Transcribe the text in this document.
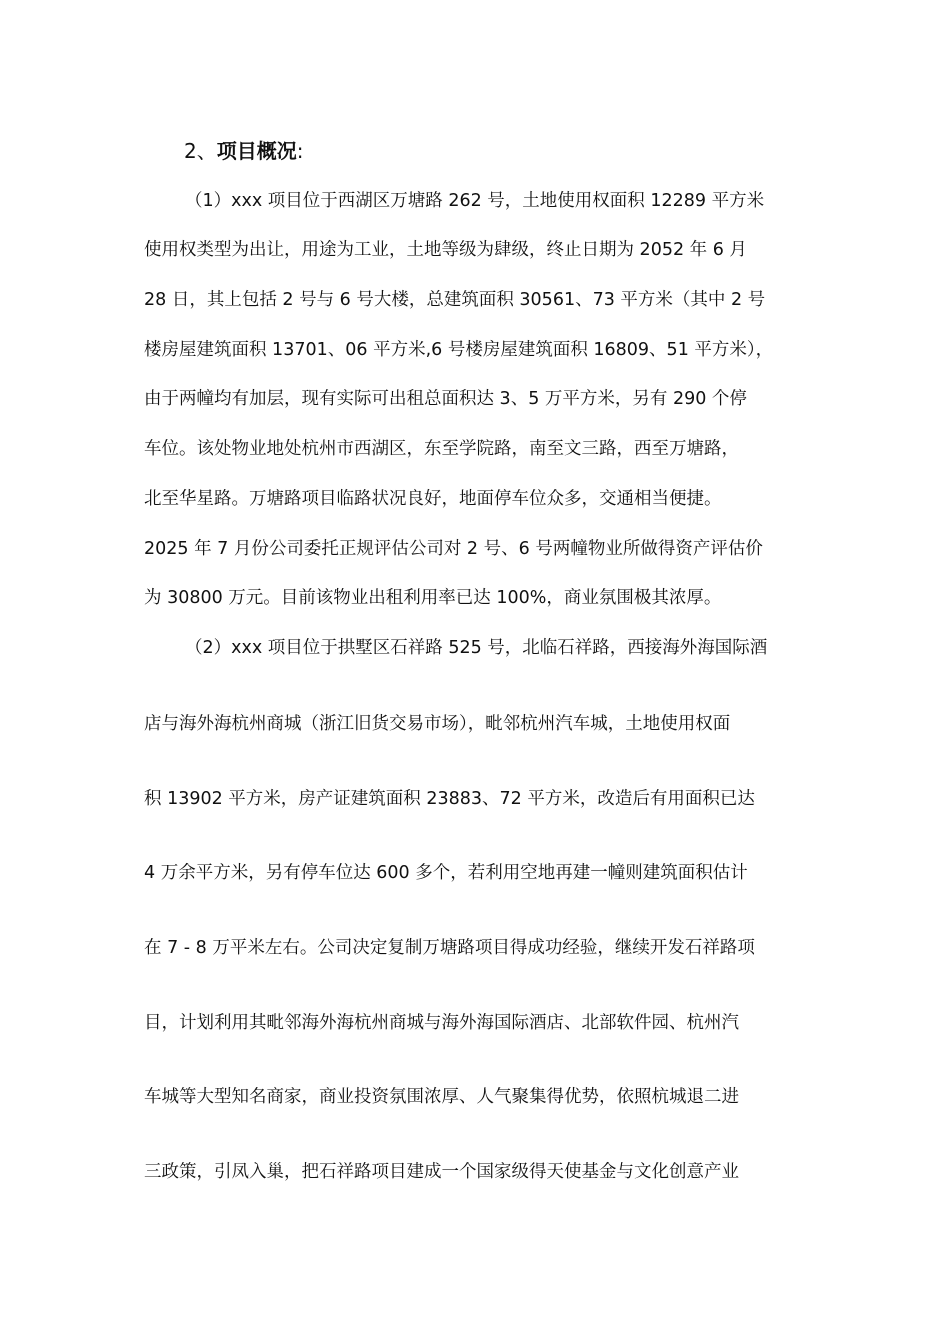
2、项目概况:
（1）xxx 项目位于西湖区万塘路 262 号，土地使用权面积 12289 平方米
使用权类型为出让，用途为工业，土地等级为肆级，终止日期为 2052 年 6 月
28 日，其上包括 2 号与 6 号大楼，总建筑面积 30561、73 平方米（其中 2 号
楼房屋建筑面积 13701、06 平方米,6 号楼房屋建筑面积 16809、51 平方米），
由于两幢均有加层，现有实际可出租总面积达 3、5 万平方米，另有 290 个停
车位。该处物业地处杭州市西湖区，东至学院路，南至文三路，西至万塘路，
北至华星路。万塘路项目临路状况良好，地面停车位众多，交通相当便捷。
2025 年 7 月份公司委托正规评估公司对 2 号、6 号两幢物业所做得资产评估价
为 30800 万元。目前该物业出租利用率已达 100%，商业氛围极其浓厚。
（2）xxx 项目位于拱墅区石祥路 525 号，北临石祥路，西接海外海国际酒
店与海外海杭州商城（浙江旧货交易市场），毗邻杭州汽车城，土地使用权面
积 13902 平方米，房产证建筑面积 23883、72 平方米，改造后有用面积已达
4 万余平方米，另有停车位达 600 多个，若利用空地再建一幢则建筑面积估计
在 7 - 8 万平米左右。公司决定复制万塘路项目得成功经验，继续开发石祥路项
目，计划利用其毗邻海外海杭州商城与海外海国际酒店、北部软件园、杭州汽
车城等大型知名商家，商业投资氛围浓厚、人气聚集得优势，依照杭城退二进
三政策，引凤入巢，把石祥路项目建成一个国家级得天使基金与文化创意产业
